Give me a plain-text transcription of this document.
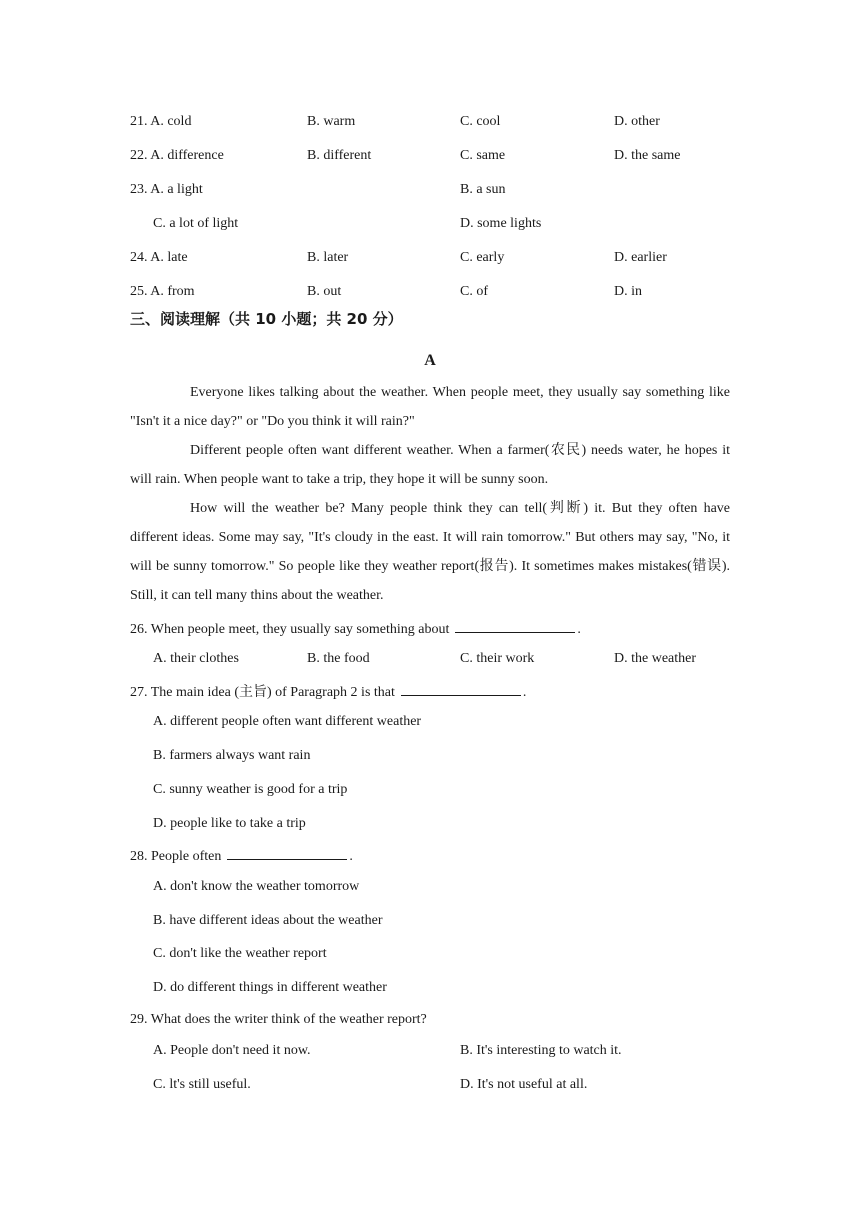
21. A. cold	B. warm	C. cool	D. other
22. A. difference	B. different	C. same	D. the same
23. A. a light	B. a sun
C. a lot of light	D. some lights
24. A. late	B. later	C. early	D. earlier
25. A. from	B. out	C. of	D. in
三、阅读理解（共 10 小题；共 20 分）
A

Everyone likes talking about the weather. When people meet, they usually say something like "Isn't it a nice day?" or "Do you think it will rain?"

Different people often want different weather. When a farmer(农民) needs water, he hopes it will rain. When people want to take a trip, they hope it will be sunny soon.

How will the weather be? Many people think they can tell(判断) it. But they often have different ideas. Some may say, "It's cloudy in the east. It will rain tomorrow." But others may say, "No, it will be sunny tomorrow." So people like they weather report(报告). It sometimes makes mistakes(错误). Still, it can tell many thins about the weather.

26. When people meet, they usually say something about	.
A. their clothes	B. the food	C. their work	D. the weather
27. The main idea (主旨) of Paragraph 2 is that	.
A. different people often want different weather
B. farmers always want rain
C. sunny weather is good for a trip
D. people like to take a trip
28. People often	.
A. don't know the weather tomorrow
B. have different ideas about the weather
C. don't like the weather report
D. do different things in different weather
29. What does the writer think of the weather report?
A. People don't need it now.	B. It's interesting to watch it.
C. lt's still useful.	D. It's not useful at all.
